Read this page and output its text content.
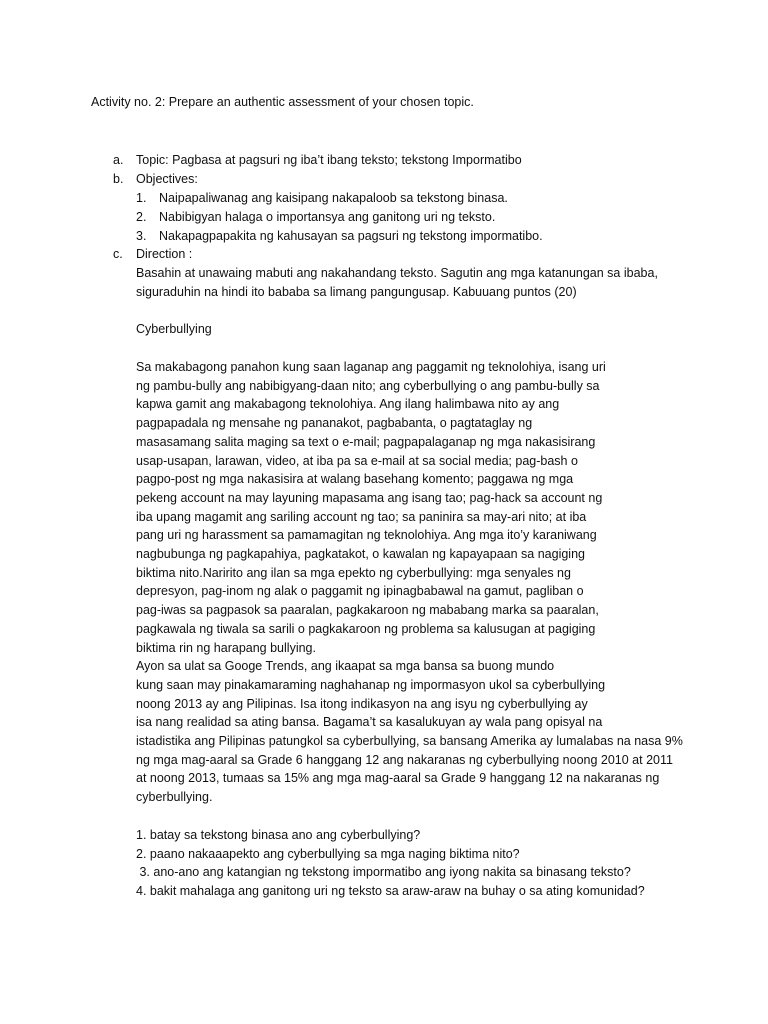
Activity no. 2: Prepare an authentic assessment of your chosen topic.
a. Topic: Pagbasa at pagsuri ng iba’t ibang teksto; tekstong Impormatibo
b. Objectives:
1. Naipapaliwanag ang kaisipang nakapaloob sa tekstong binasa.
2. Nabibigyan halaga o importansya ang ganitong uri ng teksto.
3. Nakapagpapakita ng kahusayan sa pagsuri ng tekstong impormatibo.
c. Direction :
Basahin at unawaing mabuti ang nakahandang teksto. Sagutin ang mga katanungan sa ibaba,
siguraduhin na hindi ito bababa sa limang pangungusap. Kabuuang puntos (20)
Cyberbullying
Sa makabagong panahon kung saan laganap ang paggamit ng teknolohiya, isang uri
ng pambu-bully ang nabibigyang-daan nito; ang cyberbullying o ang pambu-bully sa
kapwa gamit ang makabagong teknolohiya. Ang ilang halimbawa nito ay ang
pagpapadala ng mensahe ng pananakot, pagbabanta, o pagtataglay ng
masasamang salita maging sa text o e-mail; pagpapalaganap ng mga nakasisirang
usap-usapan, larawan, video, at iba pa sa e-mail at sa social media; pag-bash o
pagpo-post ng mga nakasisira at walang basehang komento; paggawa ng mga
pekeng account na may layuning mapasama ang isang tao; pag-hack sa account ng
iba upang magamit ang sariling account ng tao; sa paninira sa may-ari nito; at iba
pang uri ng harassment sa pamamagitan ng teknolohiya. Ang mga ito’y karaniwang
nagbubunga ng pagkapahiya, pagkatakot, o kawalan ng kapayapaan sa nagiging
biktima nito.Naririto ang ilan sa mga epekto ng cyberbullying: mga senyales ng
depresyon, pag-inom ng alak o paggamit ng ipinagbabawal na gamut, pagliban o
pag-iwas sa pagpasok sa paaralan, pagkakaroon ng mababang marka sa paaralan,
pagkawala ng tiwala sa sarili o pagkakaroon ng problema sa kalusugan at pagiging
biktima rin ng harapang bullying.
Ayon sa ulat sa Googe Trends, ang ikaapat sa mga bansa sa buong mundo
kung saan may pinakamaraming naghahanap ng impormasyon ukol sa cyberbullying
noong 2013 ay ang Pilipinas. Isa itong indikasyon na ang isyu ng cyberbullying ay
isa nang realidad sa ating bansa. Bagama’t sa kasalukuyan ay wala pang opisyal na
istadistika ang Pilipinas patungkol sa cyberbullying, sa bansang Amerika ay lumalabas na nasa 9%
ng mga mag-aaral sa Grade 6 hanggang 12 ang nakaranas ng cyberbullying noong 2010 at 2011
at noong 2013, tumaas sa 15% ang mga mag-aaral sa Grade 9 hanggang 12 na nakaranas ng
cyberbullying.
1. batay sa tekstong binasa ano ang cyberbullying?
2. paano nakaaapekto ang cyberbullying sa mga naging biktima nito?
3. ano-ano ang katangian ng tekstong impormatibo ang iyong nakita sa binasang teksto?
4. bakit mahalaga ang ganitong uri ng teksto sa araw-araw na buhay o sa ating komunidad?
